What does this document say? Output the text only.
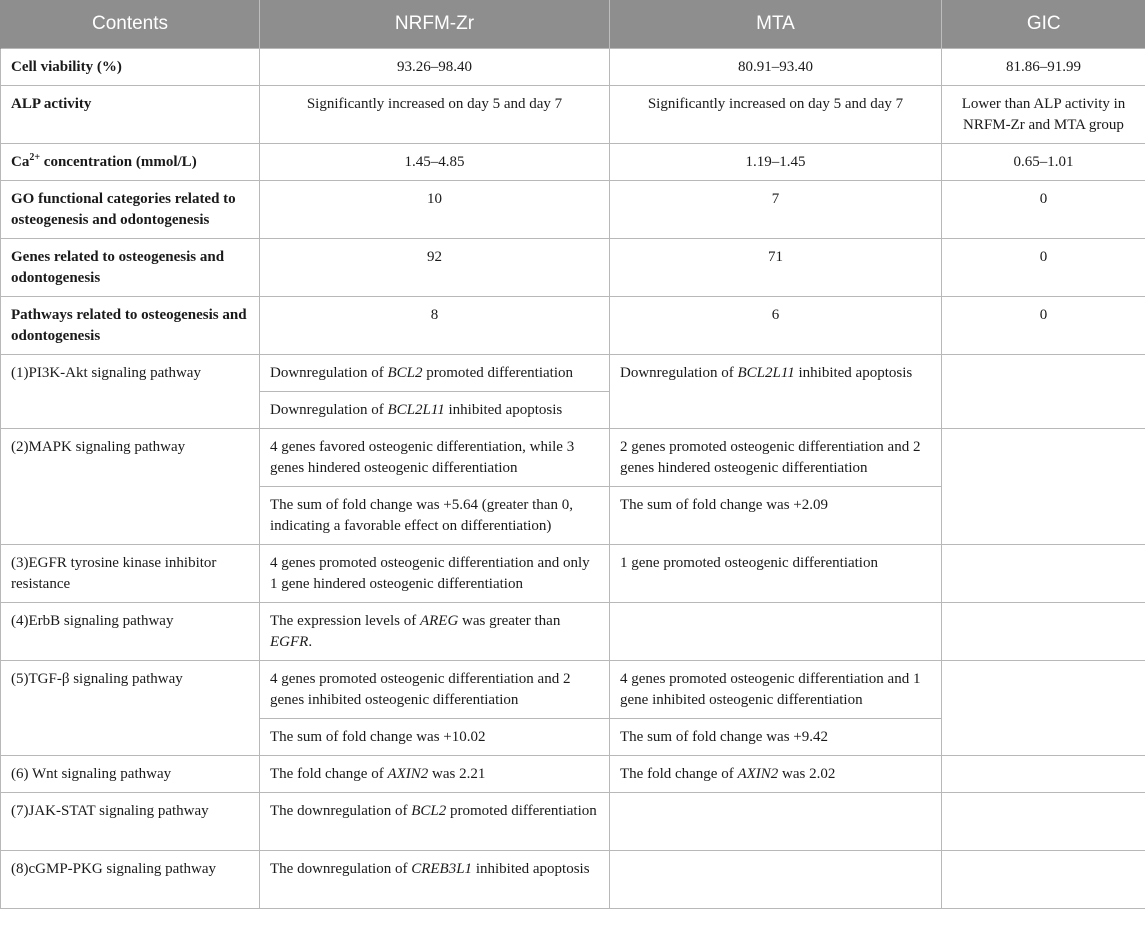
Contents	NRFM-Zr	MTA	GIC
Cell viability (%)	93.26–98.40	80.91–93.40	81.86–91.99
ALP activity	Significantly increased on day 5 and day 7	Significantly increased on day 5 and day 7	Lower than ALP activity in NRFM-Zr and MTA group
$Ca^{2+}$ concentration (mmol/L)	1.45–4.85	1.19–1.45	0.65–1.01
GO functional categories related to osteogenesis and odontogenesis	10	7	0
Genes related to osteogenesis and odontogenesis	92	71	0
Pathways related to osteogenesis and odontogenesis	8	6	0
(1)PI3K-Akt signaling pathway	Downregulation of BCL2 promoted differentiation	Downregulation of BCL2L11 inhibited apoptosis	
	Downregulation of BCL2L11 inhibited apoptosis		
(2)MAPK signaling pathway	4 genes favored osteogenic differentiation, while 3 genes hindered osteogenic differentiation	2 genes promoted osteogenic differentiation and 2 genes hindered osteogenic differentiation	
	The sum of fold change was +5.64 (greater than 0, indicating a favorable effect on differentiation)	The sum of fold change was +2.09	
(3)EGFR tyrosine kinase inhibitor resistance	4 genes promoted osteogenic differentiation and only 1 gene hindered osteogenic differentiation	1 gene promoted osteogenic differentiation	
(4)ErbB signaling pathway	The expression levels of AREG was greater than EGFR.		
(5)TGF-β signaling pathway	4 genes promoted osteogenic differentiation and 2 genes inhibited osteogenic differentiation	4 genes promoted osteogenic differentiation and 1 gene inhibited osteogenic differentiation	
	The sum of fold change was +10.02	The sum of fold change was +9.42	
(6) Wnt signaling pathway	The fold change of AXIN2 was 2.21	The fold change of AXIN2 was 2.02	
(7)JAK-STAT signaling pathway	The downregulation of BCL2 promoted differentiation		
(8)cGMP-PKG signaling pathway	The downregulation of CREB3L1 inhibited apoptosis		
